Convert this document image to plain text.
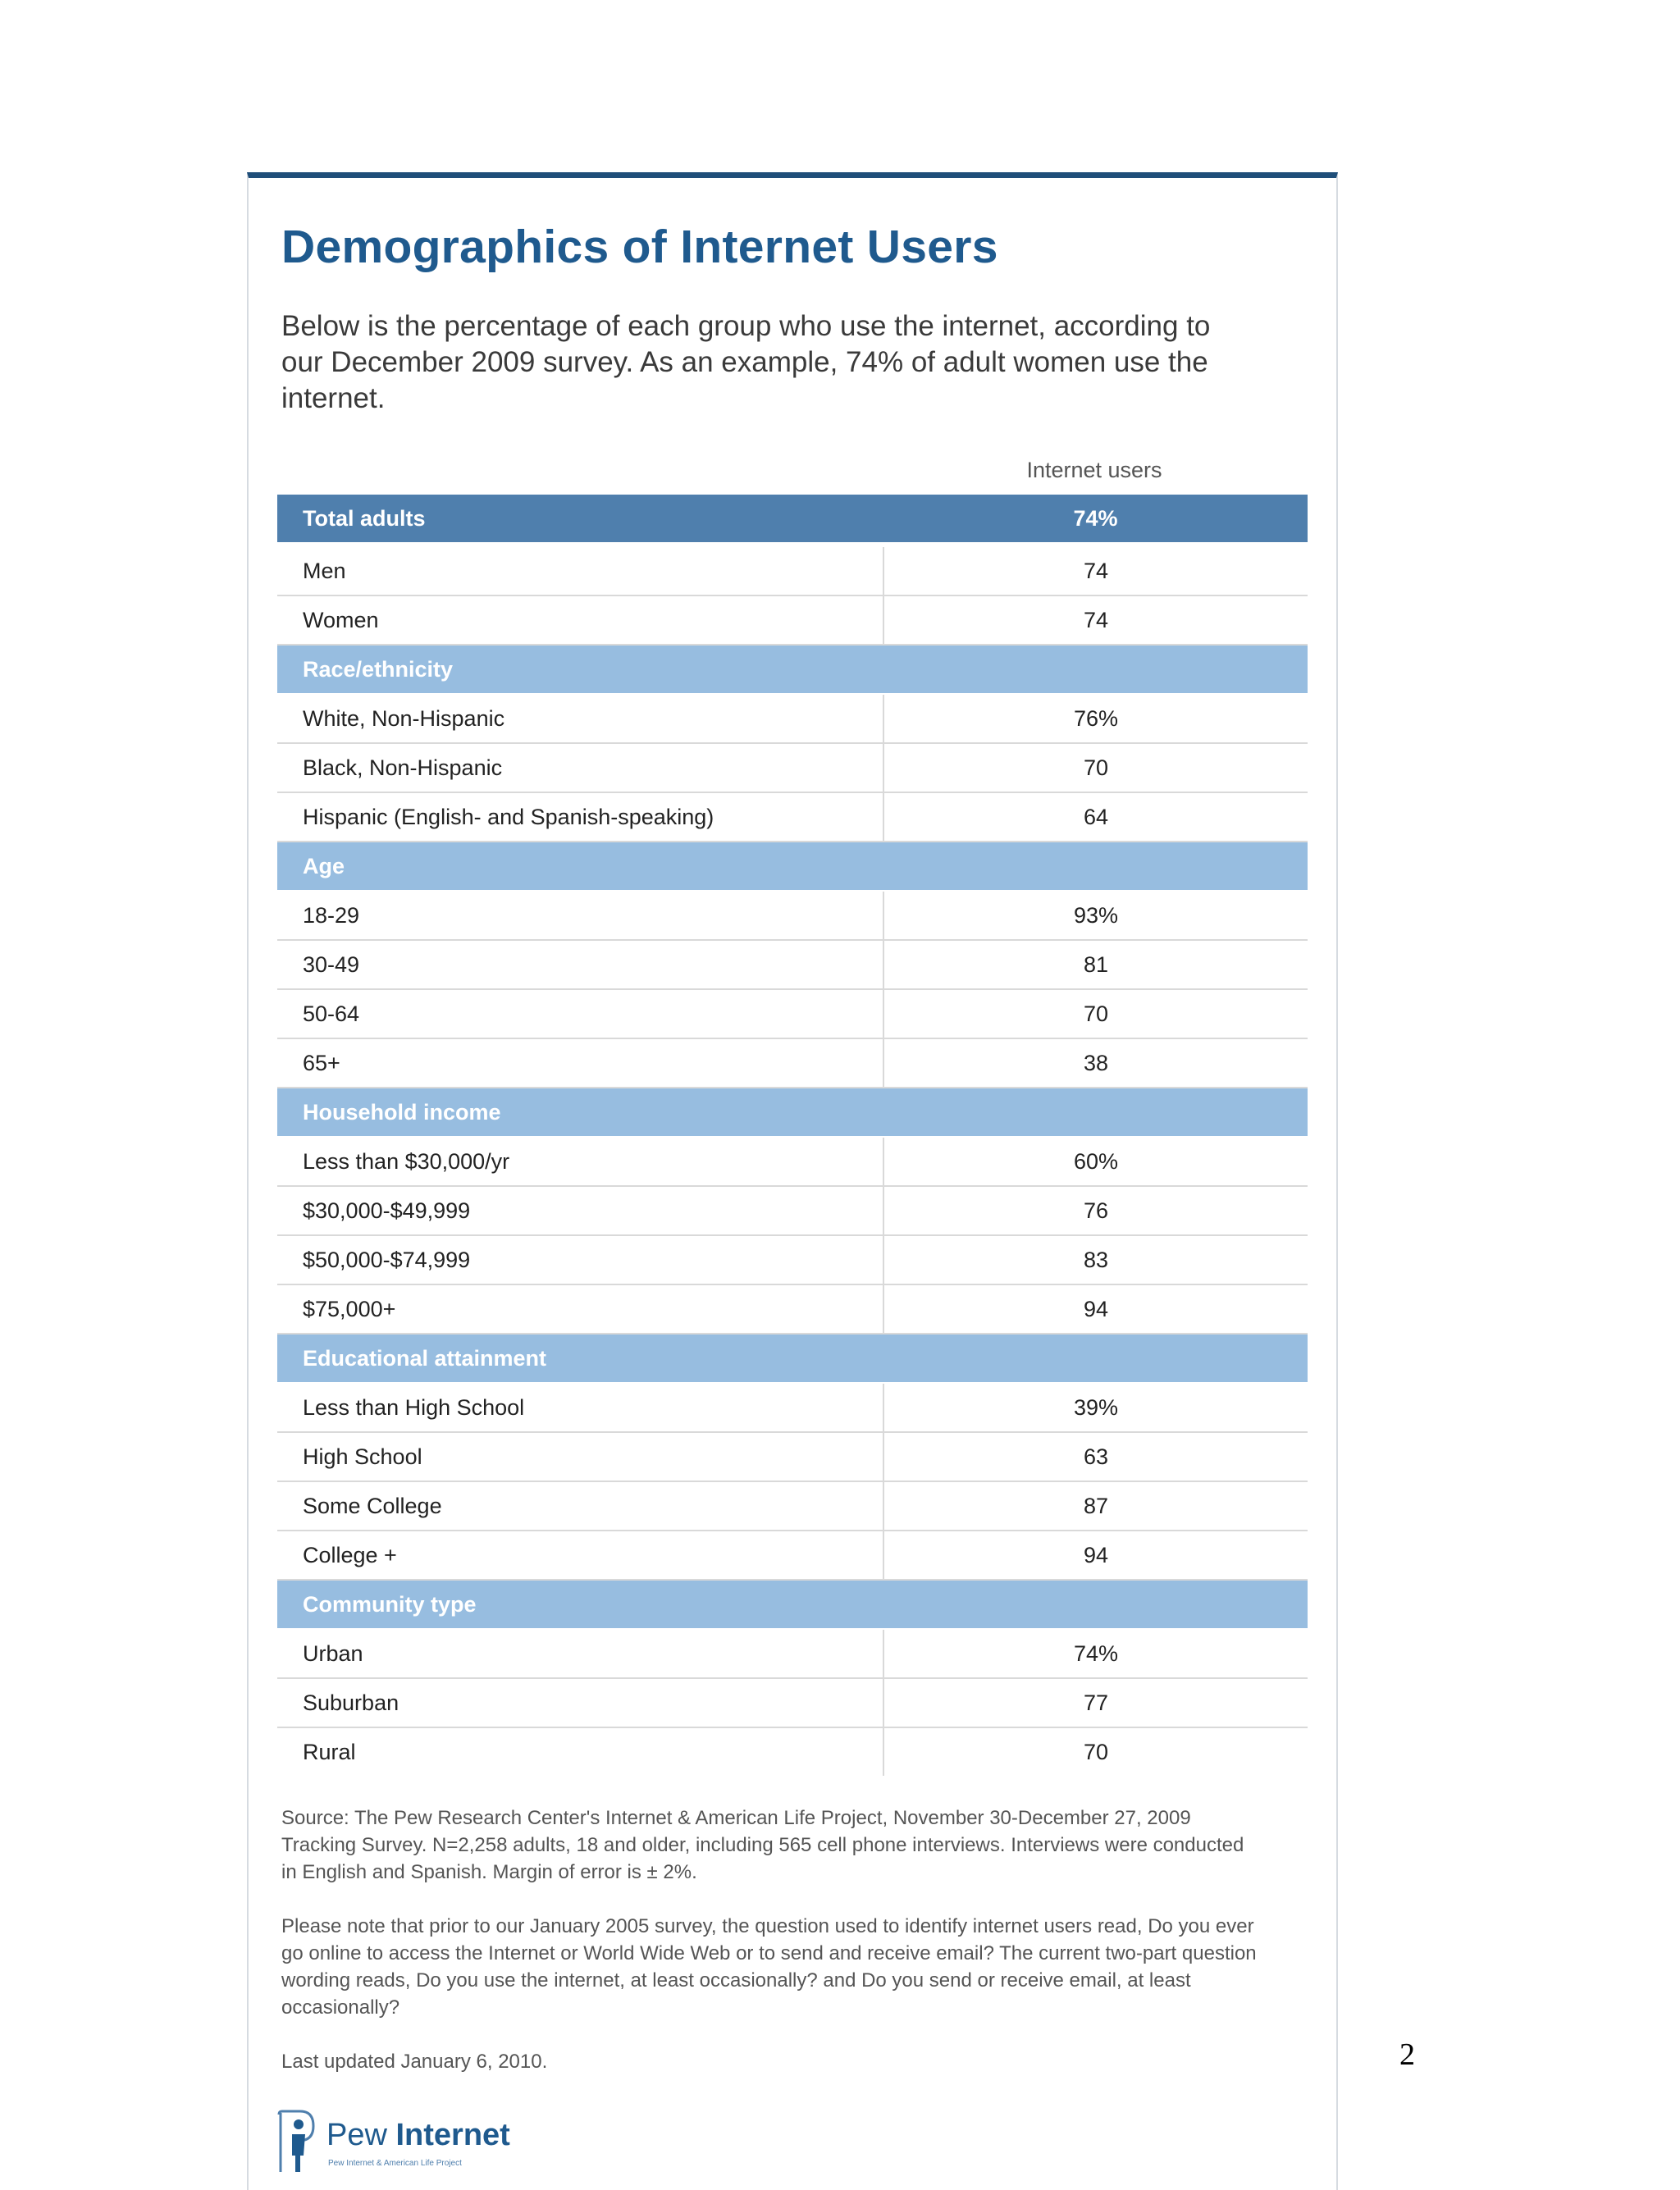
Demographics of Internet Users

Below is the percentage of each group who use the internet, according to our December 2009 survey. As an example, 74% of adult women use the internet.

Internet users
Total adults	74%
Men	74
Women	74
Race/ethnicity	
White, Non-Hispanic	76%
Black, Non-Hispanic	70
Hispanic (English- and Spanish-speaking)	64
Age	
18-29	93%
30-49	81
50-64	70
65+	38
Household income	
Less than $30,000/yr	60%
$30,000-$49,999	76
$50,000-$74,999	83
$75,000+	94
Educational attainment	
Less than High School	39%
High School	63
Some College	87
College +	94
Community type	
Urban	74%
Suburban	77
Rural	70

Source: The Pew Research Center's Internet & American Life Project, November 30-December 27, 2009 Tracking Survey. N=2,258 adults, 18 and older, including 565 cell phone interviews. Interviews were conducted in English and Spanish. Margin of error is ± 2%.

Please note that prior to our January 2005 survey, the question used to identify internet users read, Do you ever go online to access the Internet or World Wide Web or to send and receive email? The current two-part question wording reads, Do you use the internet, at least occasionally? and Do you send or receive email, at least occasionally?

Last updated January 6, 2010.

Pew Internet
Pew Internet & American Life Project
2
